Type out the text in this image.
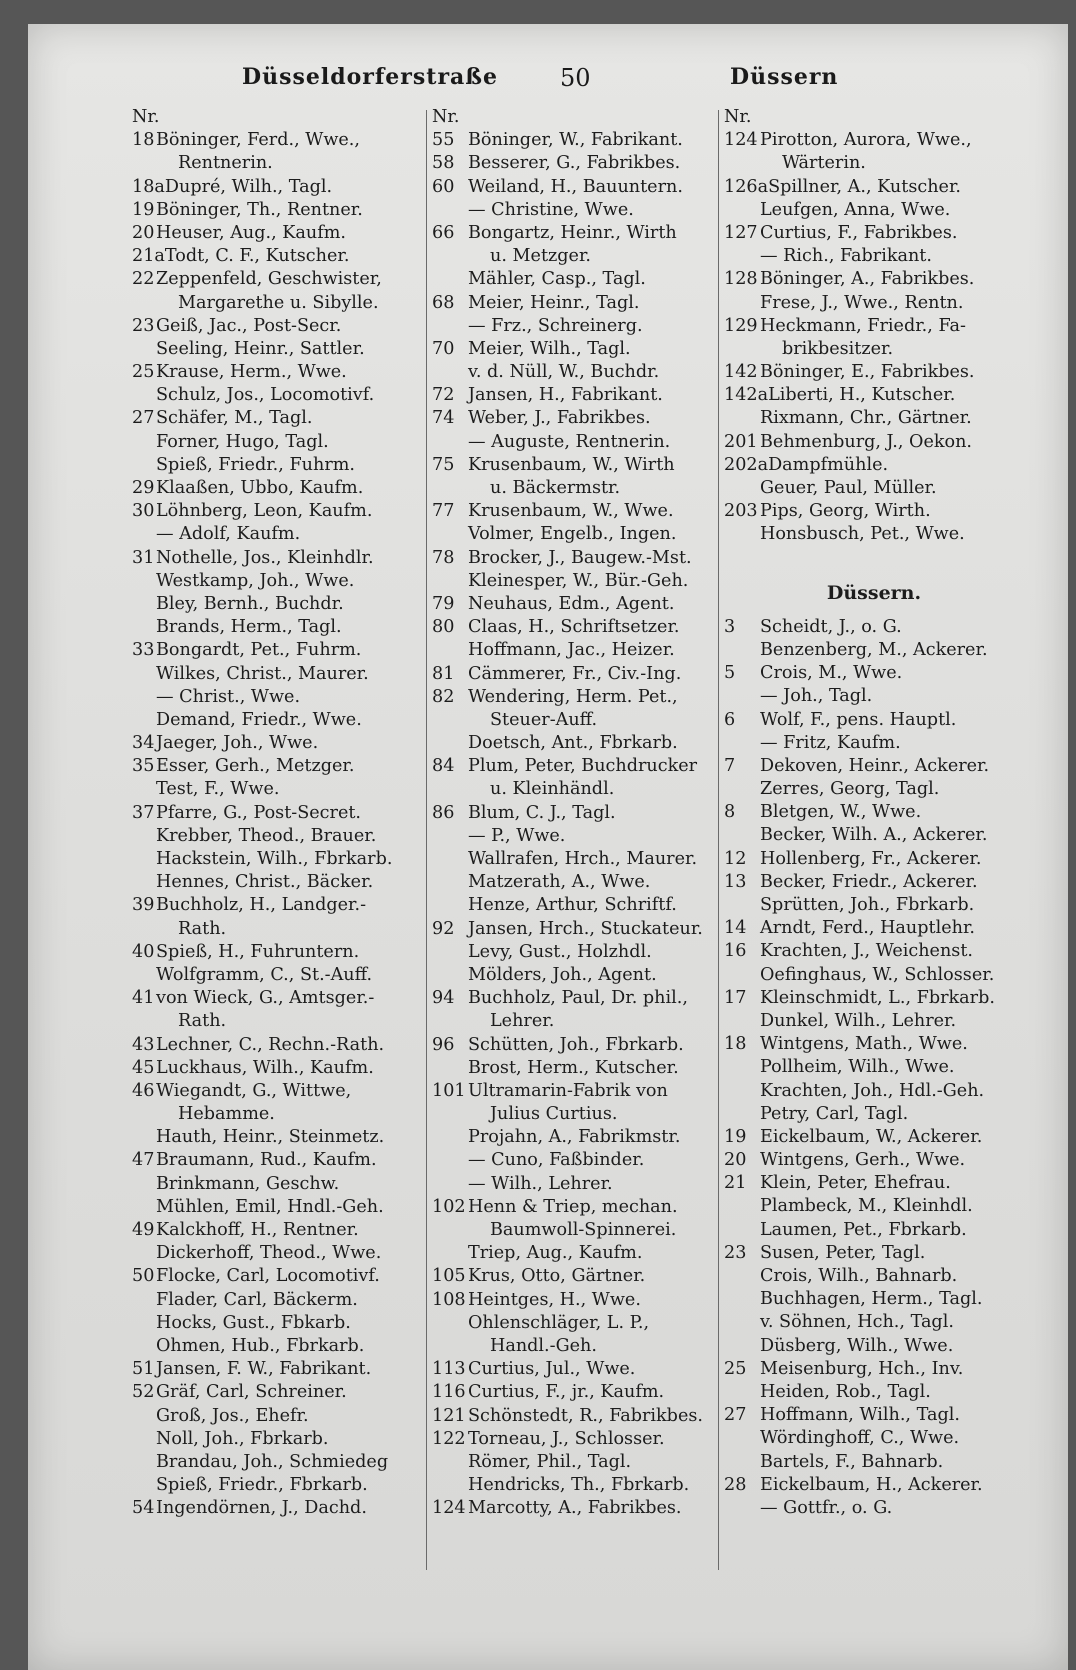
Düsseldorferstraße	50	Düssern
Nr.
18 Böninger, Ferd., Wwe.,
Rentnerin.
18aDupré, Wilh., Tagl.
19 Böninger, Th., Rentner.
20 Heuser, Aug., Kaufm.
21aTodt, C. F., Kutscher.
22 Zeppenfeld, Geschwister,
Margarethe u. Sibylle.
23 Geiß, Jac., Post-Secr.
Seeling, Heinr., Sattler.
25 Krause, Herm., Wwe.
Schulz, Jos., Locomotivf.
27 Schäfer, M., Tagl.
Forner, Hugo, Tagl.
Spieß, Friedr., Fuhrm.
29 Klaaßen, Ubbo, Kaufm.
30 Löhnberg, Leon, Kaufm.
— Adolf, Kaufm.
31 Nothelle, Jos., Kleinhdlr.
Westkamp, Joh., Wwe.
Bley, Bernh., Buchdr.
Brands, Herm., Tagl.
33 Bongardt, Pet., Fuhrm.
Wilkes, Christ., Maurer.
— Christ., Wwe.
Demand, Friedr., Wwe.
34 Jaeger, Joh., Wwe.
35 Esser, Gerh., Metzger.
Test, F., Wwe.
37 Pfarre, G., Post-Secret.
Krebber, Theod., Brauer.
Hackstein, Wilh., Fbrkarb.
Hennes, Christ., Bäcker.
39 Buchholz, H., Landger.-
Rath.
40 Spieß, H., Fuhruntern.
Wolfgramm, C., St.-Auff.
41 von Wieck, G., Amtsger.-
Rath.
43 Lechner, C., Rechn.-Rath.
45 Luckhaus, Wilh., Kaufm.
46 Wiegandt, G., Wittwe,
Hebamme.
Hauth, Heinr., Steinmetz.
47 Braumann, Rud., Kaufm.
Brinkmann, Geschw.
Mühlen, Emil, Hndl.-Geh.
49 Kalckhoff, H., Rentner.
Dickerhoff, Theod., Wwe.
50 Flocke, Carl, Locomotivf.
Flader, Carl, Bäckerm.
Hocks, Gust., Fbkarb.
Ohmen, Hub., Fbrkarb.
51 Jansen, F. W., Fabrikant.
52 Gräf, Carl, Schreiner.
Groß, Jos., Ehefr.
Noll, Joh., Fbrkarb.
Brandau, Joh., Schmiedeg
Spieß, Friedr., Fbrkarb.
54 Ingendörnen, J., Dachd.
Nr.
55 Böninger, W., Fabrikant.
58 Besserer, G., Fabrikbes.
60 Weiland, H., Bauuntern.
— Christine, Wwe.
66 Bongartz, Heinr., Wirth
u. Metzger.
Mähler, Casp., Tagl.
68 Meier, Heinr., Tagl.
— Frz., Schreinerg.
70 Meier, Wilh., Tagl.
v. d. Nüll, W., Buchdr.
72 Jansen, H., Fabrikant.
74 Weber, J., Fabrikbes.
— Auguste, Rentnerin.
75 Krusenbaum, W., Wirth
u. Bäckermstr.
77 Krusenbaum, W., Wwe.
Volmer, Engelb., Ingen.
78 Brocker, J., Baugew.-Mst.
Kleinesper, W., Bür.-Geh.
79 Neuhaus, Edm., Agent.
80 Claas, H., Schriftsetzer.
Hoffmann, Jac., Heizer.
81 Cämmerer, Fr., Civ.-Ing.
82 Wendering, Herm. Pet.,
Steuer-Auff.
Doetsch, Ant., Fbrkarb.
84 Plum, Peter, Buchdrucker
u. Kleinhändl.
86 Blum, C. J., Tagl.
— P., Wwe.
Wallrafen, Hrch., Maurer.
Matzerath, A., Wwe.
Henze, Arthur, Schriftf.
92 Jansen, Hrch., Stuckateur.
Levy, Gust., Holzhdl.
Mölders, Joh., Agent.
94 Buchholz, Paul, Dr. phil.,
Lehrer.
96 Schütten, Joh., Fbrkarb.
Brost, Herm., Kutscher.
101 Ultramarin-Fabrik von
Julius Curtius.
Projahn, A., Fabrikmstr.
— Cuno, Faßbinder.
— Wilh., Lehrer.
102 Henn & Triep, mechan.
Baumwoll-Spinnerei.
Triep, Aug., Kaufm.
105 Krus, Otto, Gärtner.
108 Heintges, H., Wwe.
Ohlenschläger, L. P.,
Handl.-Geh.
113 Curtius, Jul., Wwe.
116 Curtius, F., jr., Kaufm.
121 Schönstedt, R., Fabrikbes.
122 Torneau, J., Schlosser.
Römer, Phil., Tagl.
Hendricks, Th., Fbrkarb.
124 Marcotty, A., Fabrikbes.
Nr.
124 Pirotton, Aurora, Wwe.,
Wärterin.
126aSpillner, A., Kutscher.
Leufgen, Anna, Wwe.
127 Curtius, F., Fabrikbes.
— Rich., Fabrikant.
128 Böninger, A., Fabrikbes.
Frese, J., Wwe., Rentn.
129 Heckmann, Friedr., Fa-
brikbesitzer.
142 Böninger, E., Fabrikbes.
142aLiberti, H., Kutscher.
Rixmann, Chr., Gärtner.
201 Behmenburg, J., Oekon.
202aDampfmühle.
Geuer, Paul, Müller.
203 Pips, Georg, Wirth.
Honsbusch, Pet., Wwe.
Düssern.
3 Scheidt, J., o. G.
Benzenberg, M., Ackerer.
5 Crois, M., Wwe.
— Joh., Tagl.
6 Wolf, F., pens. Hauptl.
— Fritz, Kaufm.
7 Dekoven, Heinr., Ackerer.
Zerres, Georg, Tagl.
8 Bletgen, W., Wwe.
Becker, Wilh. A., Ackerer.
12 Hollenberg, Fr., Ackerer.
13 Becker, Friedr., Ackerer.
Sprütten, Joh., Fbrkarb.
14 Arndt, Ferd., Hauptlehr.
16 Krachten, J., Weichenst.
Oefinghaus, W., Schlosser.
17 Kleinschmidt, L., Fbrkarb.
Dunkel, Wilh., Lehrer.
18 Wintgens, Math., Wwe.
Pollheim, Wilh., Wwe.
Krachten, Joh., Hdl.-Geh.
Petry, Carl, Tagl.
19 Eickelbaum, W., Ackerer.
20 Wintgens, Gerh., Wwe.
21 Klein, Peter, Ehefrau.
Plambeck, M., Kleinhdl.
Laumen, Pet., Fbrkarb.
23 Susen, Peter, Tagl.
Crois, Wilh., Bahnarb.
Buchhagen, Herm., Tagl.
v. Söhnen, Hch., Tagl.
Düsberg, Wilh., Wwe.
25 Meisenburg, Hch., Inv.
Heiden, Rob., Tagl.
27 Hoffmann, Wilh., Tagl.
Wördinghoff, C., Wwe.
Bartels, F., Bahnarb.
28 Eickelbaum, H., Ackerer.
— Gottfr., o. G.
